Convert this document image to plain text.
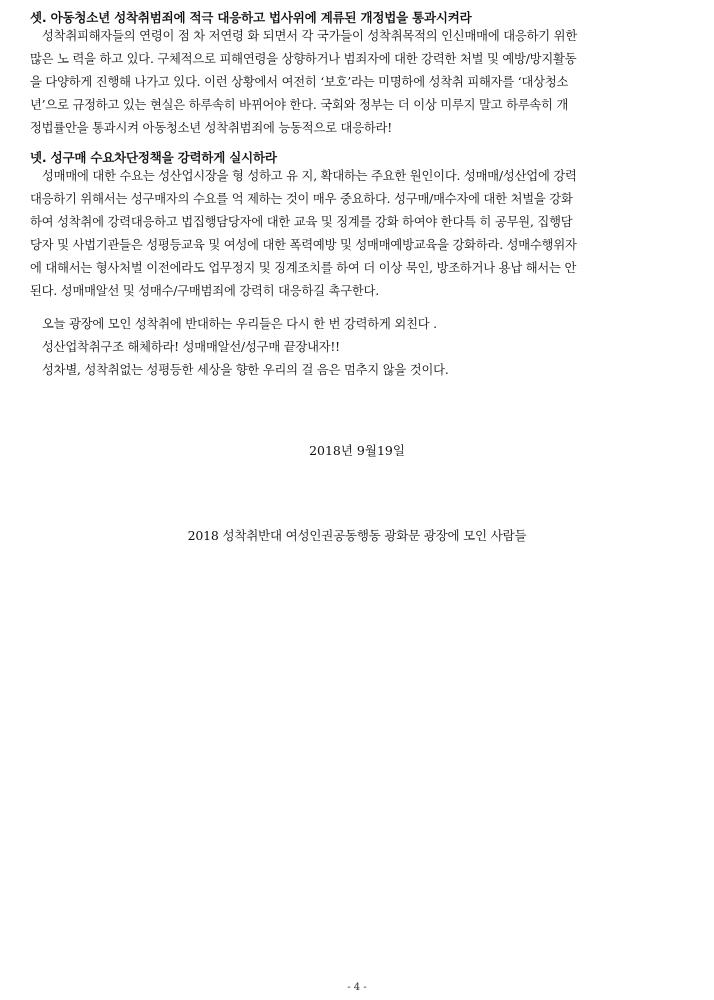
셋. 아동청소년 성착취범죄에 적극 대응하고 법사위에 계류된 개정법을 통과시켜라
성착취피해자들의 연령이 점 차 저연령 화 되면서 각 국가들이 성착취목적의 인신매매에 대응하기 위한
많은 노 력을 하고 있다. 구체적으로 피해연령을 상향하거나 범죄자에 대한 강력한 처벌 및 예방/방지활동
을 다양하게 진행해 나가고 있다. 이런 상황에서 여전히 ‘보호’라는 미명하에 성착취 피해자를 ‘대상청소
년’으로 규정하고 있는 현실은 하루속히 바뀌어야 한다. 국회와 정부는 더 이상 미루지 말고 하루속히 개
정법률안을 통과시켜 아동청소년 성착취범죄에 능동적으로 대응하라!
넷. 성구매 수요차단정책을 강력하게 실시하라
성매매에 대한 수요는 성산업시장을 형 성하고 유 지, 확대하는 주요한 원인이다. 성매매/성산업에 강력
대응하기 위해서는 성구매자의 수요를 억 제하는 것이 매우 중요하다. 성구매/매수자에 대한 처벌을 강화
하여 성착취에 강력대응하고 법집행담당자에 대한 교육 및 징계를 강화 하여야 한다특 히 공무원, 집행담
당자 및 사법기관들은 성평등교육 및 여성에 대한 폭력예방 및 성매매예방교육을 강화하라. 성매수행위자
에 대해서는 형사처벌 이전에라도 업무정지 및 징계조치를 하여 더 이상 묵인, 방조하거나 용납 해서는 안
된다. 성매매알선 및 성매수/구매범죄에 강력히 대응하길 촉구한다.
오늘 광장에 모인 성착취에 반대하는 우리들은 다시 한 번 강력하게 외친다 .
성산업착취구조 해체하라! 성매매알선/성구매 끝장내자!!
성차별, 성착취없는 성평등한 세상을 향한 우리의 걸 음은 멈추지 않을 것이다.
2018년 9월19일
2018 성착취반대 여성인권공동행동 광화문 광장에 모인 사람들
- 4 -
